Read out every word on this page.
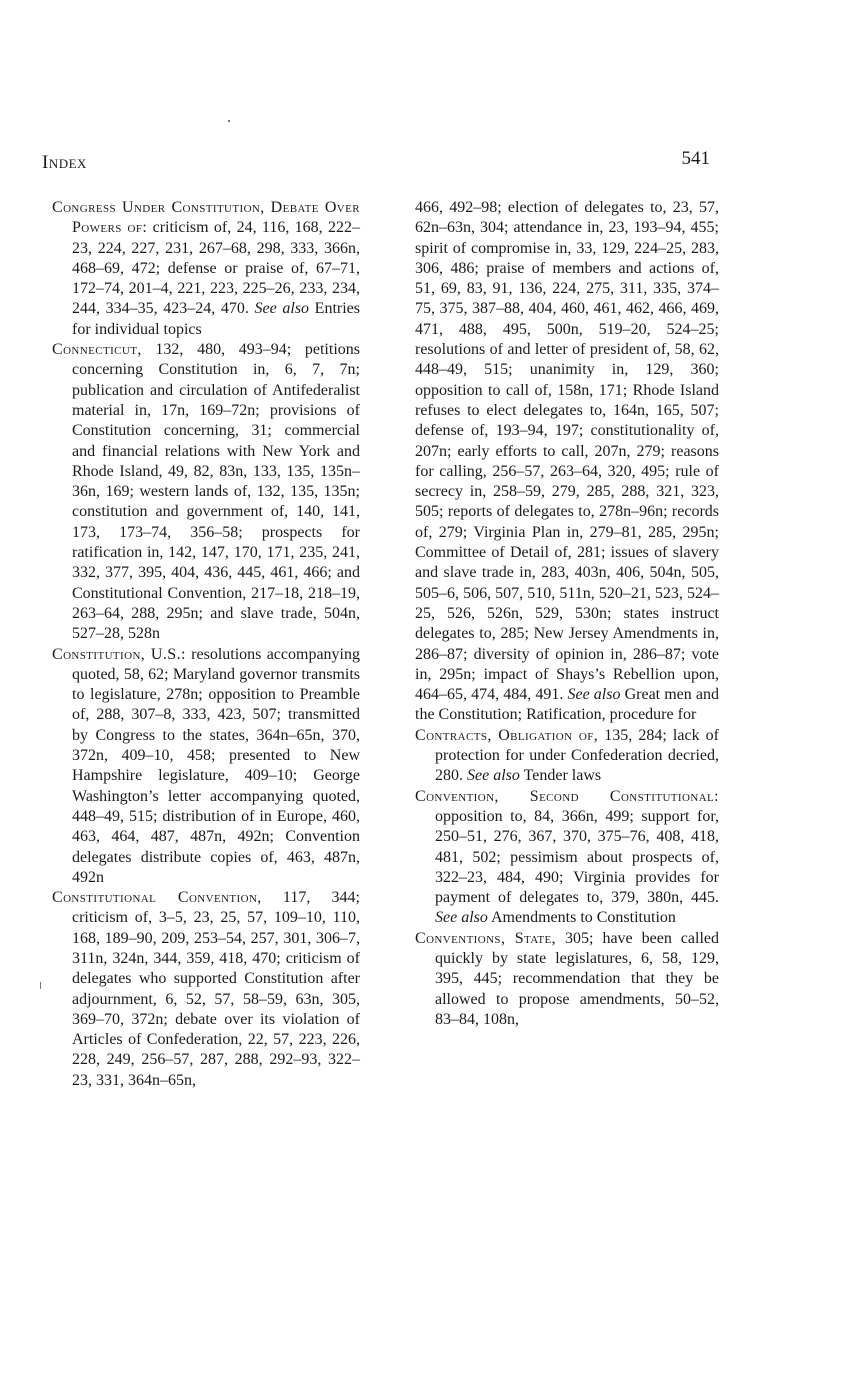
Index	541

Congress Under Constitution, Debate Over Powers of: criticism of, 24, 116, 168, 222–23, 224, 227, 231, 267–68, 298, 333, 366n, 468–69, 472; defense or praise of, 67–71, 172–74, 201–4, 221, 223, 225–26, 233, 234, 244, 334–35, 423–24, 470. See also Entries for individual topics

Connecticut, 132, 480, 493–94; petitions concerning Constitution in, 6, 7, 7n; publication and circulation of Antifederalist material in, 17n, 169–72n; provisions of Constitution concerning, 31; commercial and financial relations with New York and Rhode Island, 49, 82, 83n, 133, 135, 135n–36n, 169; western lands of, 132, 135, 135n; constitution and government of, 140, 141, 173, 173–74, 356–58; prospects for ratification in, 142, 147, 170, 171, 235, 241, 332, 377, 395, 404, 436, 445, 461, 466; and Constitutional Convention, 217–18, 218–19, 263–64, 288, 295n; and slave trade, 504n, 527–28, 528n

Constitution, U.S.: resolutions accompanying quoted, 58, 62; Maryland governor transmits to legislature, 278n; opposition to Preamble of, 288, 307–8, 333, 423, 507; transmitted by Congress to the states, 364n–65n, 370, 372n, 409–10, 458; presented to New Hampshire legislature, 409–10; George Washington’s letter accompanying quoted, 448–49, 515; distribution of in Europe, 460, 463, 464, 487, 487n, 492n; Convention delegates distribute copies of, 463, 487n, 492n

Constitutional Convention, 117, 344; criticism of, 3–5, 23, 25, 57, 109–10, 110, 168, 189–90, 209, 253–54, 257, 301, 306–7, 311n, 324n, 344, 359, 418, 470; criticism of delegates who supported Constitution after adjournment, 6, 52, 57, 58–59, 63n, 305, 369–70, 372n; debate over its violation of Articles of Confederation, 22, 57, 223, 226, 228, 249, 256–57, 287, 288, 292–93, 322–23, 331, 364n–65n,

466, 492–98; election of delegates to, 23, 57, 62n–63n, 304; attendance in, 23, 193–94, 455; spirit of compromise in, 33, 129, 224–25, 283, 306, 486; praise of members and actions of, 51, 69, 83, 91, 136, 224, 275, 311, 335, 374–75, 375, 387–88, 404, 460, 461, 462, 466, 469, 471, 488, 495, 500n, 519–20, 524–25; resolutions of and letter of president of, 58, 62, 448–49, 515; unanimity in, 129, 360; opposition to call of, 158n, 171; Rhode Island refuses to elect delegates to, 164n, 165, 507; defense of, 193–94, 197; constitutionality of, 207n; early efforts to call, 207n, 279; reasons for calling, 256–57, 263–64, 320, 495; rule of secrecy in, 258–59, 279, 285, 288, 321, 323, 505; reports of delegates to, 278n–96n; records of, 279; Virginia Plan in, 279–81, 285, 295n; Committee of Detail of, 281; issues of slavery and slave trade in, 283, 403n, 406, 504n, 505, 505–6, 506, 507, 510, 511n, 520–21, 523, 524–25, 526, 526n, 529, 530n; states instruct delegates to, 285; New Jersey Amendments in, 286–87; diversity of opinion in, 286–87; vote in, 295n; impact of Shays’s Rebellion upon, 464–65, 474, 484, 491. See also Great men and the Constitution; Ratification, procedure for

Contracts, Obligation of, 135, 284; lack of protection for under Confederation decried, 280. See also Tender laws

Convention, Second Constitutional: opposition to, 84, 366n, 499; support for, 250–51, 276, 367, 370, 375–76, 408, 418, 481, 502; pessimism about prospects of, 322–23, 484, 490; Virginia provides for payment of delegates to, 379, 380n, 445. See also Amendments to Constitution

Conventions, State, 305; have been called quickly by state legislatures, 6, 58, 129, 395, 445; recommendation that they be allowed to propose amendments, 50–52, 83–84, 108n,
